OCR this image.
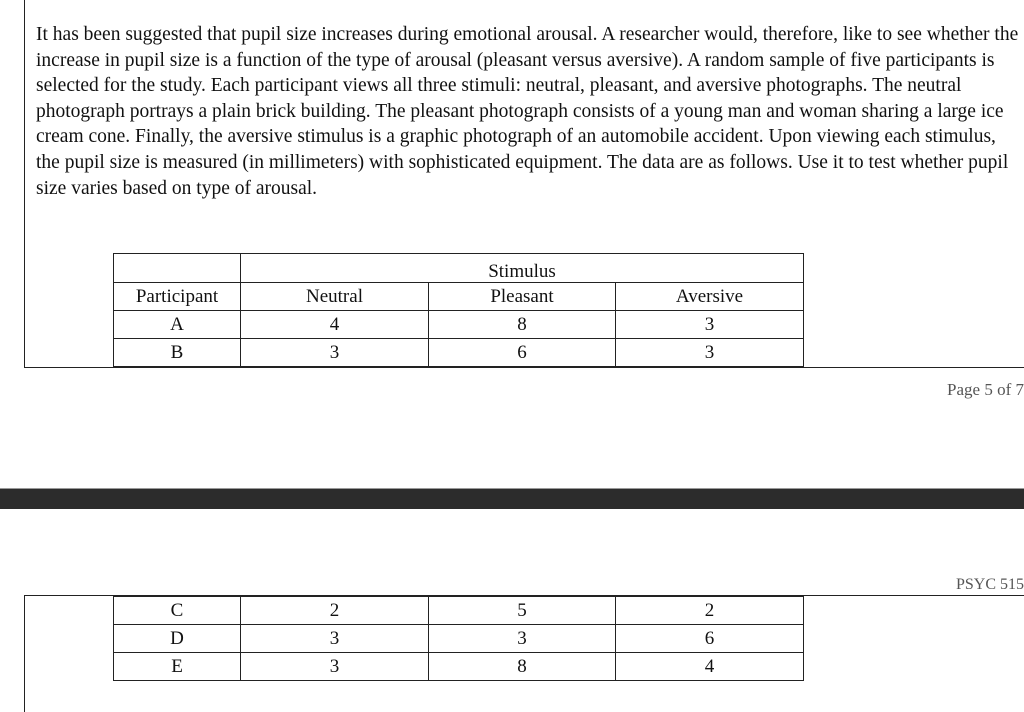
It has been suggested that pupil size increases during emotional arousal. A researcher would, therefore, like to see whether the increase in pupil size is a function of the type of arousal (pleasant versus aversive). A random sample of five participants is selected for the study. Each participant views all three stimuli: neutral, pleasant, and aversive photographs. The neutral photograph portrays a plain brick building. The pleasant photograph consists of a young man and woman sharing a large ice cream cone. Finally, the aversive stimulus is a graphic photograph of an automobile accident. Upon viewing each stimulus, the pupil size is measured (in millimeters) with sophisticated equipment. The data are as follows. Use it to test whether pupil size varies based on type of arousal.

	Stimulus		
Participant	Neutral	Pleasant	Aversive
A	4	8	3
B	3	6	3
Page 5 of 7
PSYC 515
C	2	5	2
D	3	3	6
E	3	8	4
